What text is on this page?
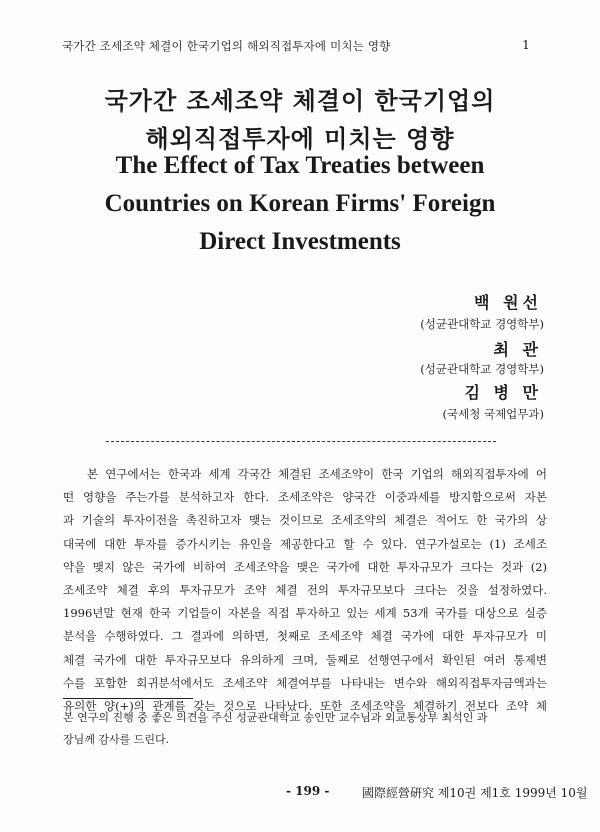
국가간 조세조약 체결이 한국기업의 해외직접투자에 미치는 영향	1
국가간 조세조약 체결이 한국기업의
해외직접투자에 미치는 영향
The Effect of Tax Treaties between
Countries on Korean Firms' Foreign
Direct Investments
백 원선
(성균관대학교 경영학부)
최 관
(성균관대학교 경영학부)
김 병 만
(국세청 국제업무과)
본 연구에서는 한국과 세계 각국간 체결된 조세조약이 한국 기업의 해외직접투자에 어
떤 영향을 주는가를 분석하고자 한다. 조세조약은 양국간 이중과세를 방지함으로써 자본
과 기술의 투자이전을 촉진하고자 맺는 것이므로 조세조약의 체결은 적어도 한 국가의 상
대국에 대한 투자를 증가시키는 유인을 제공한다고 할 수 있다. 연구가설로는 (1) 조세조
약을 맺지 않은 국가에 비하여 조세조약을 맺은 국가에 대한 투자규모가 크다는 것과 (2)
조세조약 체결 후의 투자규모가 조약 체결 전의 투자규모보다 크다는 것을 설정하였다.
1996년말 현재 한국 기업들이 자본을 직접 투자하고 있는 세계 53개 국가를 대상으로 실증
분석을 수행하였다. 그 결과에 의하면, 첫째로 조세조약 체결 국가에 대한 투자규모가 미
체결 국가에 대한 투자규모보다 유의하게 크며, 둘째로 선행연구에서 확인된 여러 통제변
수를 포함한 회귀분석에서도 조세조약 체결여부를 나타내는 변수와 해외직접투자금액과는
유의한 양(+)의 관계를 갖는 것으로 나타났다. 또한 조세조약을 체결하기 전보다 조약 체
본 연구의 진행 중 좋은 의견을 주신 성균관대학교 송인만 교수님과 외교통상부 최석인 과
장님께 감사를 드린다.
- 199 -	國際經營硏究 제10권 제1호 1999년 10월
